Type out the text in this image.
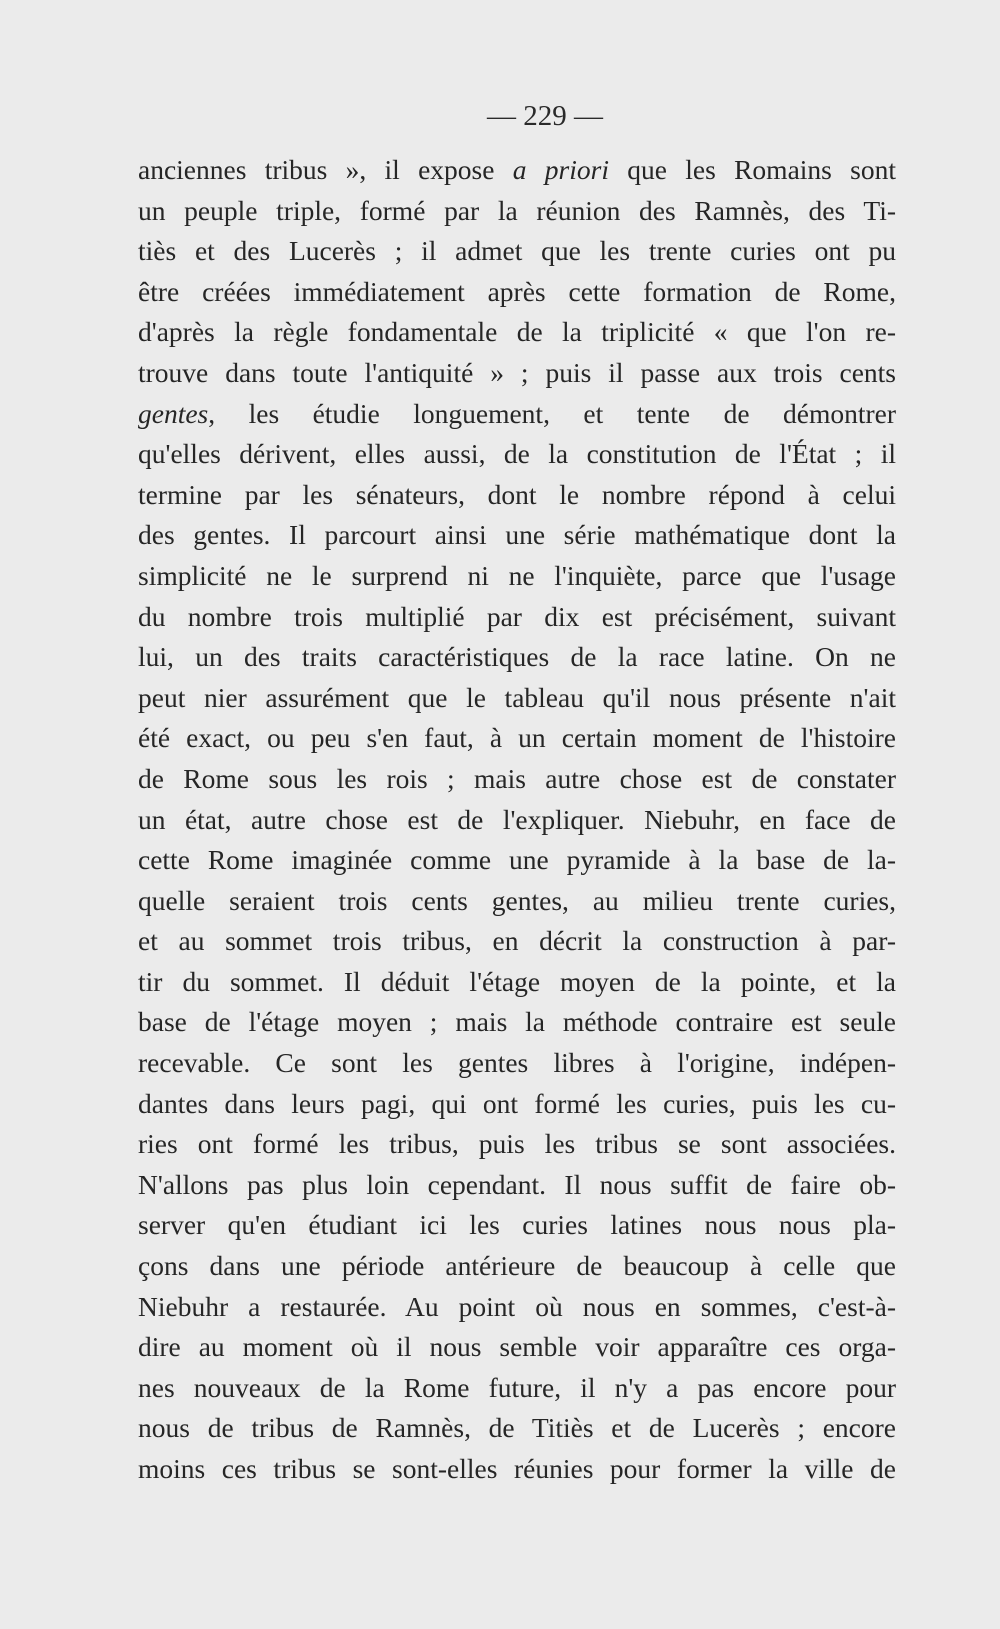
— 229 —
anciennes tribus », il expose a priori que les Romains sont
un peuple triple, formé par la réunion des Ramnès, des Ti-
tiès et des Lucerès ; il admet que les trente curies ont pu
être créées immédiatement après cette formation de Rome,
d'après la règle fondamentale de la triplicité « que l'on re-
trouve dans toute l'antiquité » ; puis il passe aux trois cents
gentes, les étudie longuement, et tente de démontrer
qu'elles dérivent, elles aussi, de la constitution de l'État ; il
termine par les sénateurs, dont le nombre répond à celui
des gentes. Il parcourt ainsi une série mathématique dont la
simplicité ne le surprend ni ne l'inquiète, parce que l'usage
du nombre trois multiplié par dix est précisément, suivant
lui, un des traits caractéristiques de la race latine. On ne
peut nier assurément que le tableau qu'il nous présente n'ait
été exact, ou peu s'en faut, à un certain moment de l'histoire
de Rome sous les rois ; mais autre chose est de constater
un état, autre chose est de l'expliquer. Niebuhr, en face de
cette Rome imaginée comme une pyramide à la base de la-
quelle seraient trois cents gentes, au milieu trente curies,
et au sommet trois tribus, en décrit la construction à par-
tir du sommet. Il déduit l'étage moyen de la pointe, et la
base de l'étage moyen ; mais la méthode contraire est seule
recevable. Ce sont les gentes libres à l'origine, indépen-
dantes dans leurs pagi, qui ont formé les curies, puis les cu-
ries ont formé les tribus, puis les tribus se sont associées.
N'allons pas plus loin cependant. Il nous suffit de faire ob-
server qu'en étudiant ici les curies latines nous nous pla-
çons dans une période antérieure de beaucoup à celle que
Niebuhr a restaurée. Au point où nous en sommes, c'est-à-
dire au moment où il nous semble voir apparaître ces orga-
nes nouveaux de la Rome future, il n'y a pas encore pour
nous de tribus de Ramnès, de Titiès et de Lucerès ; encore
moins ces tribus se sont-elles réunies pour former la ville de
